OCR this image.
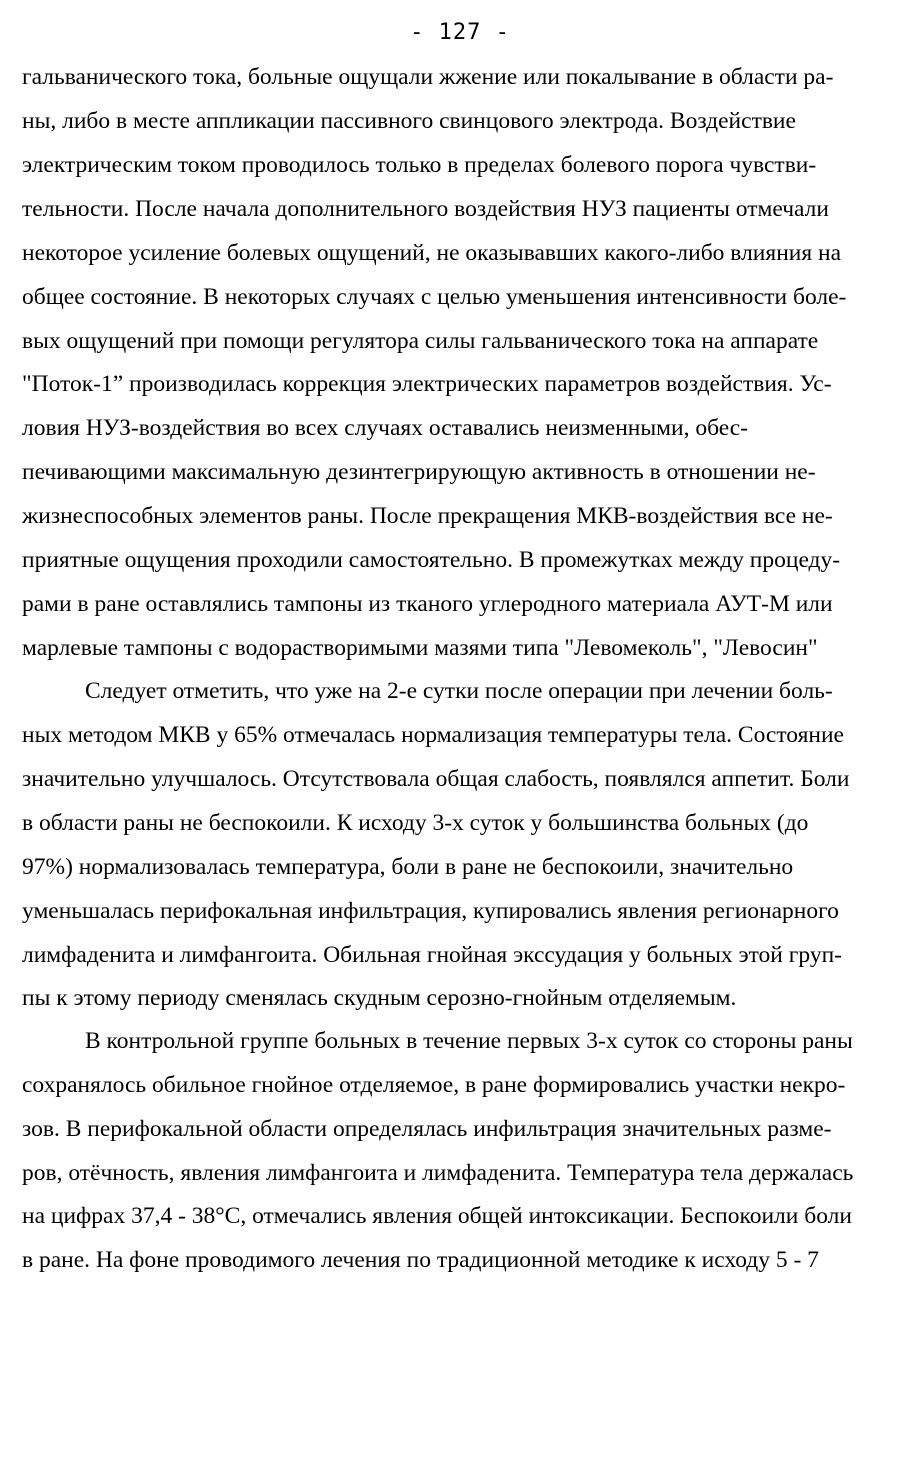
- 127 -
гальванического тока, больные ощущали жжение или покалывание в области ра-
ны, либо в месте аппликации пассивного свинцового электрода. Воздействие
электрическим током проводилось только в пределах болевого порога чувстви-
тельности. После начала дополнительного воздействия НУЗ пациенты отмечали
некоторое усиление болевых ощущений, не оказывавших какого-либо влияния на
общее состояние. В некоторых случаях с целью уменьшения интенсивности боле-
вых ощущений при помощи регулятора силы гальванического тока на аппарате
"Поток-1” производилась коррекция электрических параметров воздействия. Ус-
ловия НУЗ-воздействия во всех случаях оставались неизменными, обес-
печивающими максимальную дезинтегрирующую активность в отношении не-
жизнеспособных элементов раны. После прекращения МКВ-воздействия все не-
приятные ощущения проходили самостоятельно. В промежутках между процеду-
рами в ране оставлялись тампоны из тканого углеродного материала АУТ-М или
марлевые тампоны с водорастворимыми мазями типа "Левомеколь", "Левосин"
Следует отметить, что уже на 2-е сутки после операции при лечении боль-
ных методом МКВ у 65% отмечалась нормализация температуры тела. Состояние
значительно улучшалось. Отсутствовала общая слабость, появлялся аппетит. Боли
в области раны не беспокоили. К исходу 3-х суток у большинства больных (до
97%) нормализовалась температура, боли в ране не беспокоили, значительно
уменьшалась перифокальная инфильтрация, купировались явления регионарного
лимфаденита и лимфангоита. Обильная гнойная экссудация у больных этой груп-
пы к этому периоду сменялась скудным серозно-гнойным отделяемым.
В контрольной группе больных в течение первых 3-х суток со стороны раны
сохранялось обильное гнойное отделяемое, в ране формировались участки некро-
зов. В перифокальной области определялась инфильтрация значительных разме-
ров, отёчность, явления лимфангоита и лимфаденита. Температура тела держалась
на цифрах 37,4 - 38°С, отмечались явления общей интоксикации. Беспокоили боли
в ране. На фоне проводимого лечения по традиционной методике к исходу 5 - 7
